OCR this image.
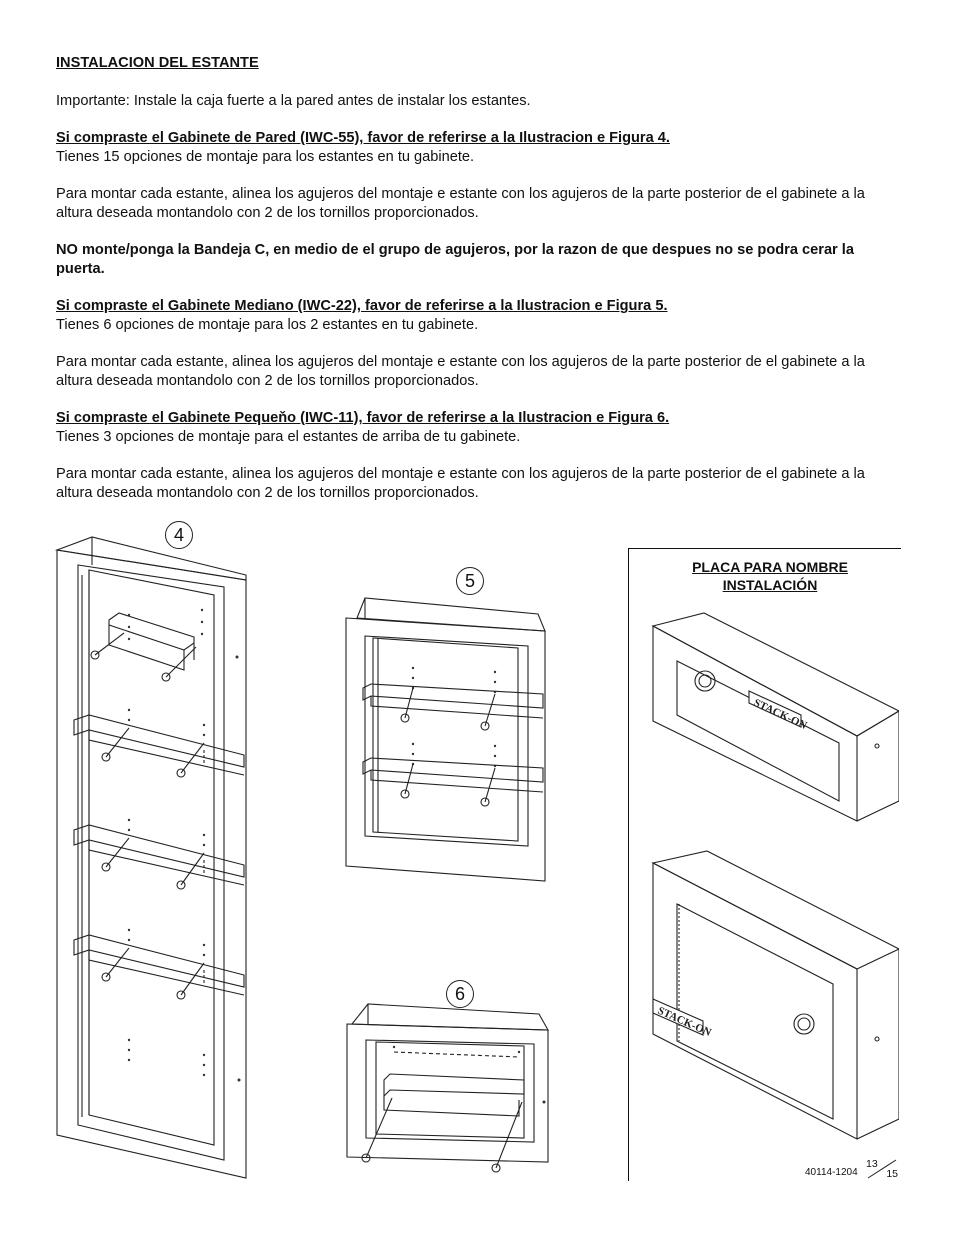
INSTALACION DEL ESTANTE

Importante: Instale la caja fuerte a la pared antes de instalar los estantes.

Si compraste el Gabinete de Pared (IWC-55), favor de referirse a la Ilustracion e Figura 4.

Tienes 15 opciones de montaje para los estantes en tu gabinete.

Para montar cada estante, alinea los agujeros del montaje e estante con los agujeros de la parte posterior de el gabinete a la altura deseada montandolo con 2 de los tornillos proporcionados.

NO monte/ponga la Bandeja C, en medio de el grupo de agujeros, por la razon de que despues no se podra cerar la puerta.

Si compraste el Gabinete Mediano (IWC-22), favor de referirse a la Ilustracion e Figura 5.

Tienes 6 opciones de montaje para los 2 estantes en tu gabinete.

Para montar cada estante, alinea los agujeros del montaje e estante con los agujeros de la parte posterior de el gabinete a la altura deseada montandolo con 2 de los tornillos proporcionados.

Si compraste el Gabinete Pequeňo (IWC-11), favor de referirse a la Ilustracion e Figura 6.

Tienes 3 opciones de montaje para el estantes de arriba de tu gabinete.

Para montar cada estante, alinea los agujeros del montaje e estante con los agujeros de la parte posterior de el gabinete a la altura deseada montandolo con 2 de los tornillos proporcionados.

4
5
6
PLACA PARA NOMBRE
INSTALACIÓN
STACK-ON
STACK-ON
40114-1204
13
15
